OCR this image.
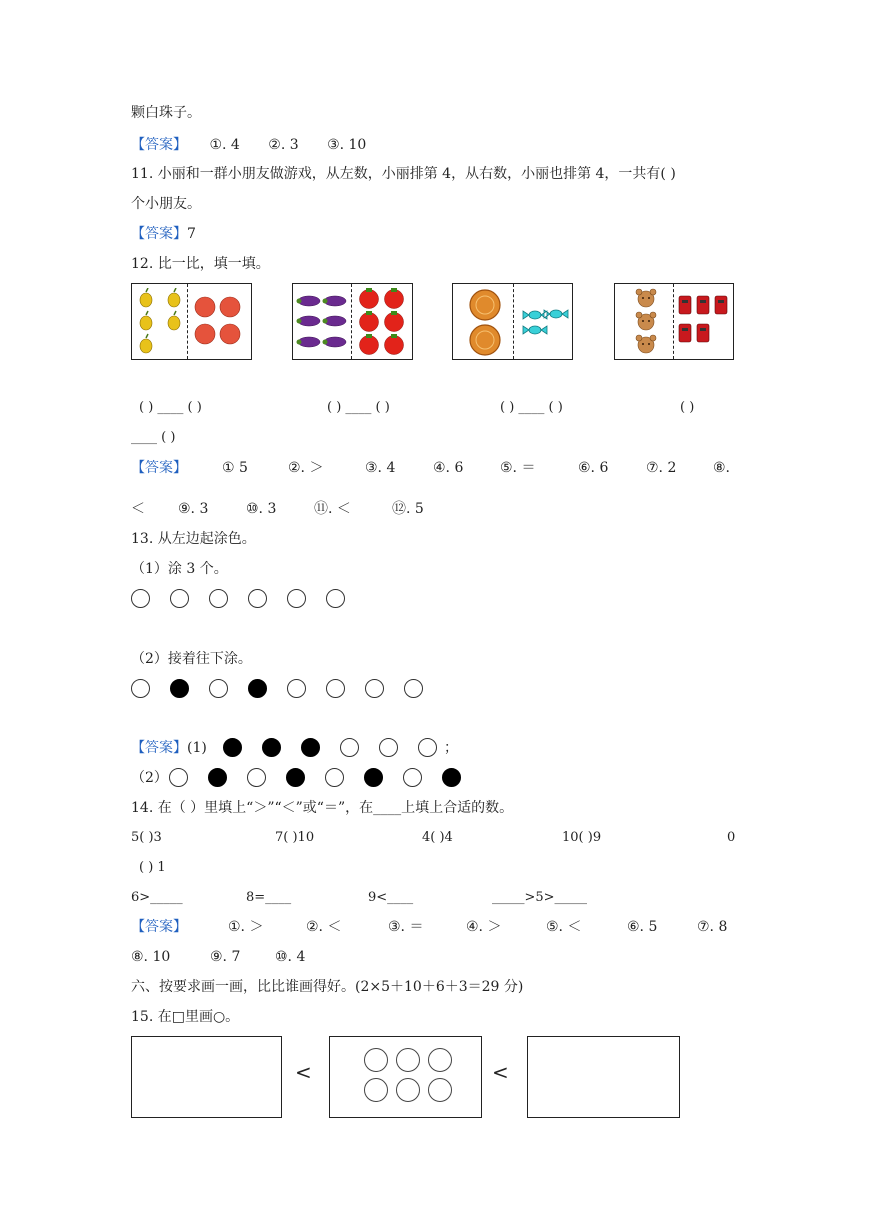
颗白珠子。
【答案】 ①. 4 ②. 3 ③. 10
11. 小丽和一群小朋友做游戏，从左数，小丽排第 4，从右数，小丽也排第 4，一共有( )
个小朋友。
【答案】7
12. 比一比，填一填。
( ) ____ ( )	( ) ____ ( )	( ) ____ ( )	( )
____ ( )
【答案】	① 5	②. ＞	③. 4	④. 6	⑤. ＝	⑥. 6	⑦. 2	⑧.
＜ ⑨. 3	⑩. 3	⑪. ＜	⑫. 5
13. 从左边起涂色。
（1）涂 3 个。
（2）接着往下涂。
【答案】(1)	；
（2）
14. 在（ ）里填上“＞”“＜”或“＝”，在____上填上合适的数。
5( )3	7( )10	4( )4	10( )9	0
( ) 1
6>_____	8=____	9<____	_____>5>_____
【答案】	①. ＞	②. ＜	③. ＝	④. ＞	⑤. ＜	⑥. 5	⑦. 8
⑧. 10	⑨. 7 ⑩. 4
六、按要求画一画，比比谁画得好。(2×5＋10＋6＋3＝29 分)
15. 在□里画○。
<	<
